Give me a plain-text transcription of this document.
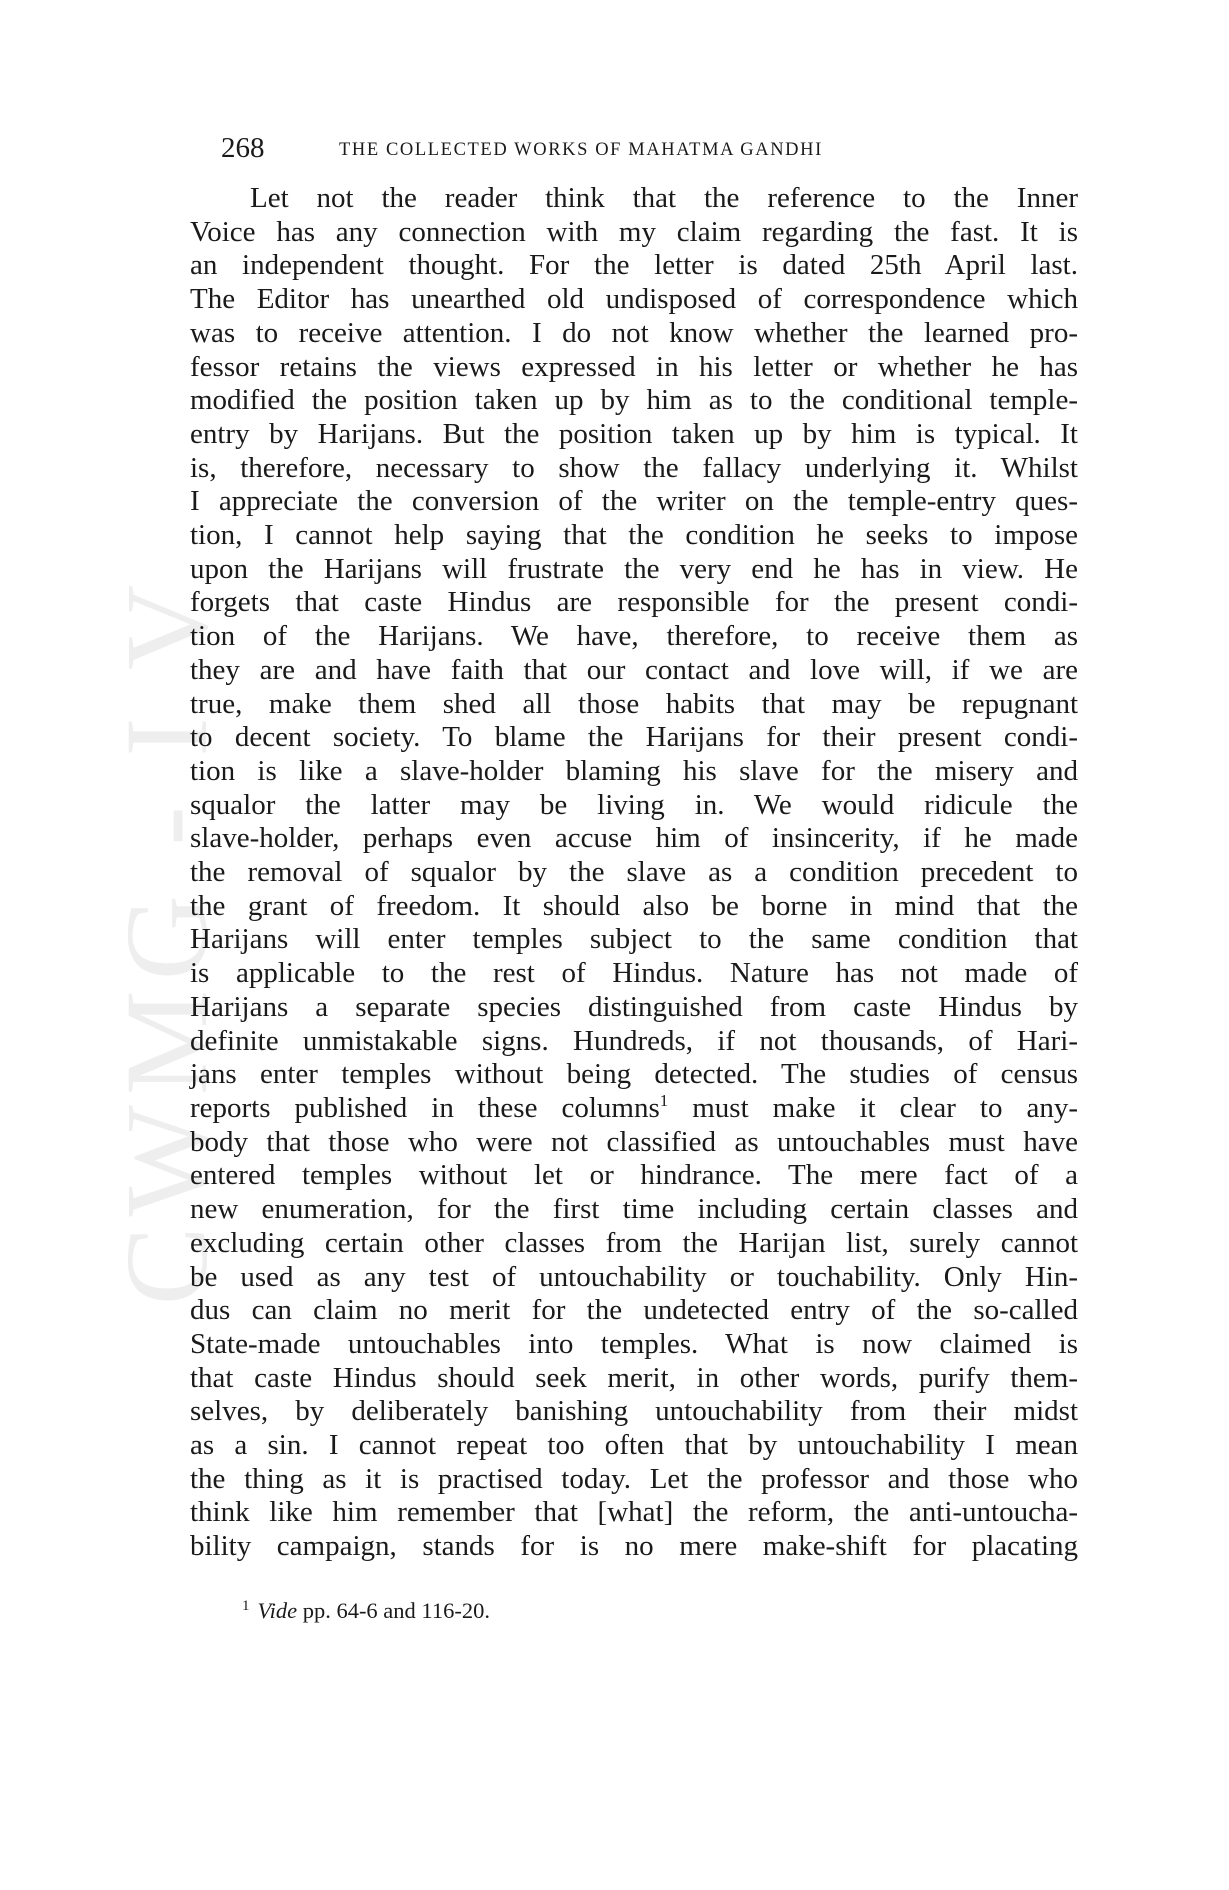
CWMG - I V
268	THE COLLECTED WORKS OF MAHATMA GANDHI
Let not the reader think that the reference to the Inner
Voice has any connection with my claim regarding the fast. It is
an independent thought. For the letter is dated 25th April last.
The Editor has unearthed old undisposed of correspondence which
was to receive attention. I do not know whether the learned pro-
fessor retains the views expressed in his letter or whether he has
modified the position taken up by him as to the conditional temple-
entry by Harijans. But the position taken up by him is typical. It
is, therefore, necessary to show the fallacy underlying it. Whilst
I appreciate the conversion of the writer on the temple-entry ques-
tion, I cannot help saying that the condition he seeks to impose
upon the Harijans will frustrate the very end he has in view. He
forgets that caste Hindus are responsible for the present condi-
tion of the Harijans. We have, therefore, to receive them as
they are and have faith that our contact and love will, if we are
true, make them shed all those habits that may be repugnant
to decent society. To blame the Harijans for their present condi-
tion is like a slave-holder blaming his slave for the misery and
squalor the latter may be living in. We would ridicule the
slave-holder, perhaps even accuse him of insincerity, if he made
the removal of squalor by the slave as a condition precedent to
the grant of freedom. It should also be borne in mind that the
Harijans will enter temples subject to the same condition that
is applicable to the rest of Hindus. Nature has not made of
Harijans a separate species distinguished from caste Hindus by
definite unmistakable signs. Hundreds, if not thousands, of Hari-
jans enter temples without being detected. The studies of census
reports published in these columns$^1$ must make it clear to any-
body that those who were not classified as untouchables must have
entered temples without let or hindrance. The mere fact of a
new enumeration, for the first time including certain classes and
excluding certain other classes from the Harijan list, surely cannot
be used as any test of untouchability or touchability. Only Hin-
dus can claim no merit for the undetected entry of the so-called
State-made untouchables into temples. What is now claimed is
that caste Hindus should seek merit, in other words, purify them-
selves, by deliberately banishing untouchability from their midst
as a sin. I cannot repeat too often that by untouchability I mean
the thing as it is practised today. Let the professor and those who
think like him remember that [what] the reform, the anti-untoucha-
bility campaign, stands for is no mere make-shift for placating
$^1$ Vide pp. 64-6 and 116-20.
